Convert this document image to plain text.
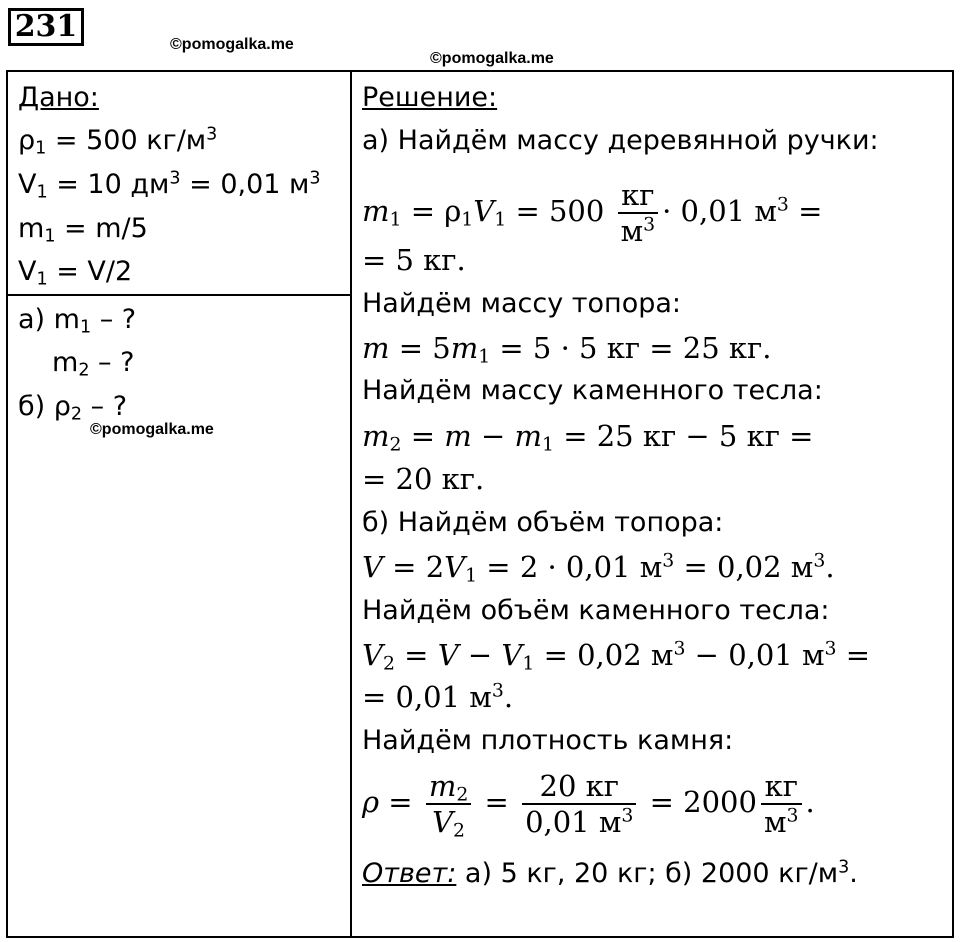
231
©pomogalka.me
©pomogalka.me
©pomogalka.me
Дано:
$\rho_1 = 500$ $кг/м^3$
$V_1 = 10$ $дм^3 = 0,01$ $м^3$
$m_1 = m/5$
$V_1 = V/2$
а) $m_1$ – ?
$m_2$ – ?
б) $\rho_2$ – ?
Решение:
а) Найдём массу деревянной ручки:
$m_1 = \rho_1V_1 = 500 \frac{кг}{м^3} \cdot 0,01$ $м^3$ =
= 5 кг.
Найдём массу топора:
$m = 5m_1 = 5 \cdot 5$ кг = 25 кг.
Найдём массу каменного тесла:
$m_2 = m - m_1 = 25$ кг − 5 кг =
= 20 кг.
б) Найдём объём топора:
$V = 2V_1 = 2 \cdot 0,01$ $м^3 = 0,02$ $м^3$.
Найдём объём каменного тесла:
$V_2 = V - V_1 = 0,02$ $м^3 - 0,01$ $м^3$ =
= 0,01 $м^3$.
Найдём плотность камня:
$\rho = \frac{m_2}{V_2} = \frac{20 кг}{0,01 м^3} = 2000 \frac{кг}{м^3}$ .
Ответ: а) 5 кг, 20 кг; б) 2000 $кг/м^3$.
